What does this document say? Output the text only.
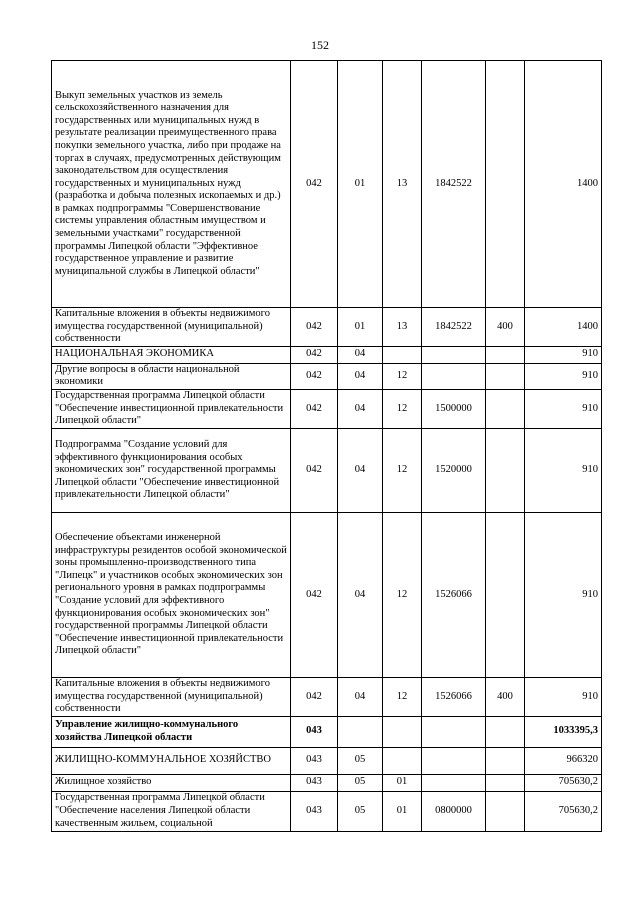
152
Выкуп земельных участков из земель сельскохозяйственного назначения для государственных или муниципальных нужд в результате реализации преимущественного права покупки земельного участка, либо при продаже на торгах в случаях, предусмотренных действующим законодательством для осуществления государственных и муниципальных нужд (разработка и добыча полезных ископаемых и др.) в рамках подпрограммы "Совершенствование системы управления областным имуществом и земельными участками" государственной программы Липецкой области "Эффективное государственное управление и развитие муниципальной службы в Липецкой области"	042	01	13	1842522		1400
Капитальные вложения в объекты недвижимого имущества государственной (муниципальной) собственности	042	01	13	1842522	400	1400
НАЦИОНАЛЬНАЯ ЭКОНОМИКА	042	04				910
Другие вопросы в области национальной экономики	042	04	12			910
Государственная программа Липецкой области "Обеспечение инвестиционной привлекательности Липецкой области"	042	04	12	1500000		910
Подпрограмма "Создание условий для эффективного функционирования особых экономических зон" государственной программы Липецкой области "Обеспечение инвестиционной привлекательности Липецкой области"	042	04	12	1520000		910
Обеспечение объектами инженерной инфраструктуры резидентов особой экономической зоны промышленно-производственного типа "Липецк" и участников особых экономических зон регионального уровня в рамках подпрограммы "Создание условий для эффективного функционирования особых экономических зон" государственной программы Липецкой области "Обеспечение инвестиционной привлекательности Липецкой области"	042	04	12	1526066		910
Капитальные вложения в объекты недвижимого имущества государственной (муниципальной) собственности	042	04	12	1526066	400	910
Управление жилищно-коммунального хозяйства Липецкой области	043					1033395,3
ЖИЛИЩНО-КОММУНАЛЬНОЕ ХОЗЯЙСТВО	043	05				966320
Жилищное хозяйство	043	05	01			705630,2
Государственная программа Липецкой области "Обеспечение населения Липецкой области качественным жильем, социальной	043	05	01	0800000		705630,2
